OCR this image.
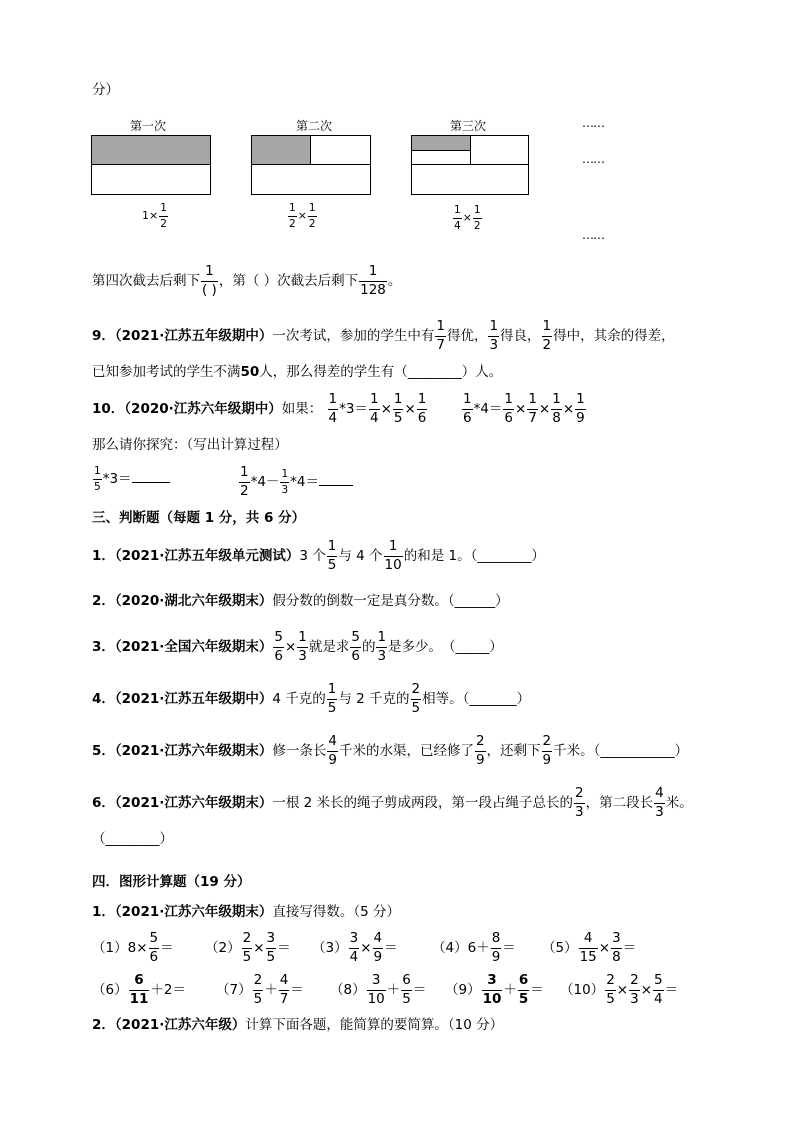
分）
第一次	第二次	第三次	……
……
……
$1\times \frac{1}{2}$	$\frac{1}{2} \times \frac{1}{2}$	$\frac{1}{4} \times \frac{1}{2}$
第四次截去后剩下
1
( )
，第（ ）次截去后剩下 $\frac{1}{128}$ 。
9．（2021·江苏五年级期中）一次考试，参加的学生中有 $\frac{1}{7}$ 得优， $\frac{1}{3}$ 得良， $\frac{1}{2}$ 得中，其余的得差，
已知参加考试的学生不满50人，那么得差的学生有（________）人。
10．（2020·江苏六年级期中）如果： $\frac{1}{4} *3= \frac{1}{4} \times \frac{1}{5} \times \frac{1}{6}$
	$\frac{1}{6} *4= \frac{1}{6} \times \frac{1}{7} \times \frac{1}{8} \times \frac{1}{9}$
那么请你探究：（写出计算过程）
$\frac{1}{5} *3=$	$\frac{1}{2} *4- \frac{1}{3} *4=$
三、判断题（每题 1 分，共 6 分）
1．（2021·江苏五年级单元测试）3 个 $\frac{1}{5}$ 与 4 个 $\frac{1}{10}$ 的和是 1。（________）
2．（2020·湖北六年级期末）假分数的倒数一定是真分数。（______）
3．（2021·全国六年级期末） $\frac{5}{6} \times \frac{1}{3}$ 就是求 $\frac{5}{6}$ 的 $\frac{1}{3}$ 是多少。　（_____）
4．（2021·江苏五年级期中）4 千克的 $\frac{1}{5}$ 与 2 千克的 $\frac{2}{5}$ 相等。（_______）
5．（2021·江苏六年级期末）修一条长 $\frac{4}{9}$ 千米的水渠，已经修了 $\frac{2}{9}$ ，还剩下 $\frac{2}{9}$ 千米。（___________）
6．（2021·江苏六年级期末）一根 2 米长的绳子剪成两段，第一段占绳子总长的 $\frac{2}{3}$ ，第二段长 $\frac{4}{3}$ 米。
（________）
四．图形计算题（19 分）
1．（2021·江苏六年级期末）直接写得数。（5 分）
$(1)8\times \frac{5}{6} = (2) \frac{2}{5} \times \frac{3}{5} = (3) \frac{3}{4} \times \frac{4}{9}$ ＝	$(4)6+ \frac{8}{9} = (5) \frac{4}{15} \times \frac{3}{8}$ ＝
$(6) \frac{6}{11} +2= (7) \frac{2}{5} + \frac{4}{7} = (8) \frac{3}{10} + \frac{6}{5} = (9) \frac{3}{10} + \frac{6}{5} = (10) \frac{2}{5} \times \frac{2}{3} \times \frac{5}{4}$ ＝
2．（2021·江苏六年级）计算下面各题，能简算的要简算。（10 分）
